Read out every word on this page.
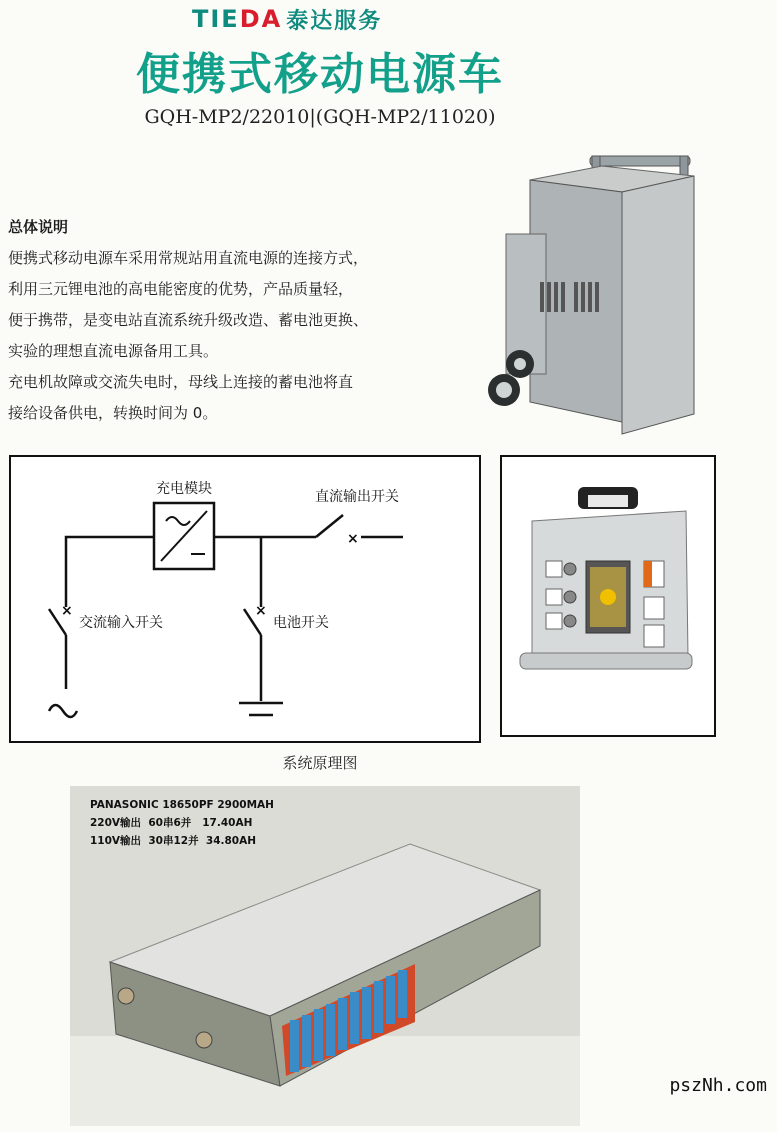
TIEDA 泰达服务
便携式移动电源车
GQH-MP2/22010|(GQH-MP2/11020)

总体说明

便携式移动电源车采用常规站用直流电源的连接方式，

利用三元锂电池的高电能密度的优势，产品质量轻，

便于携带，是变电站直流系统升级改造、蓄电池更换、

实验的理想直流电源备用工具。

充电机故障或交流失电时，母线上连接的蓄电池将直

接给设备供电，转换时间为 0。

充电模块
×
交流输入开关
×
电池开关
×
直流输出开关
系统原理图
PANASONIC 18650PF 2900MAH
220V输出  60串6并   17.40AH
110V输出  30串12并  34.80AH
pszNh.com
